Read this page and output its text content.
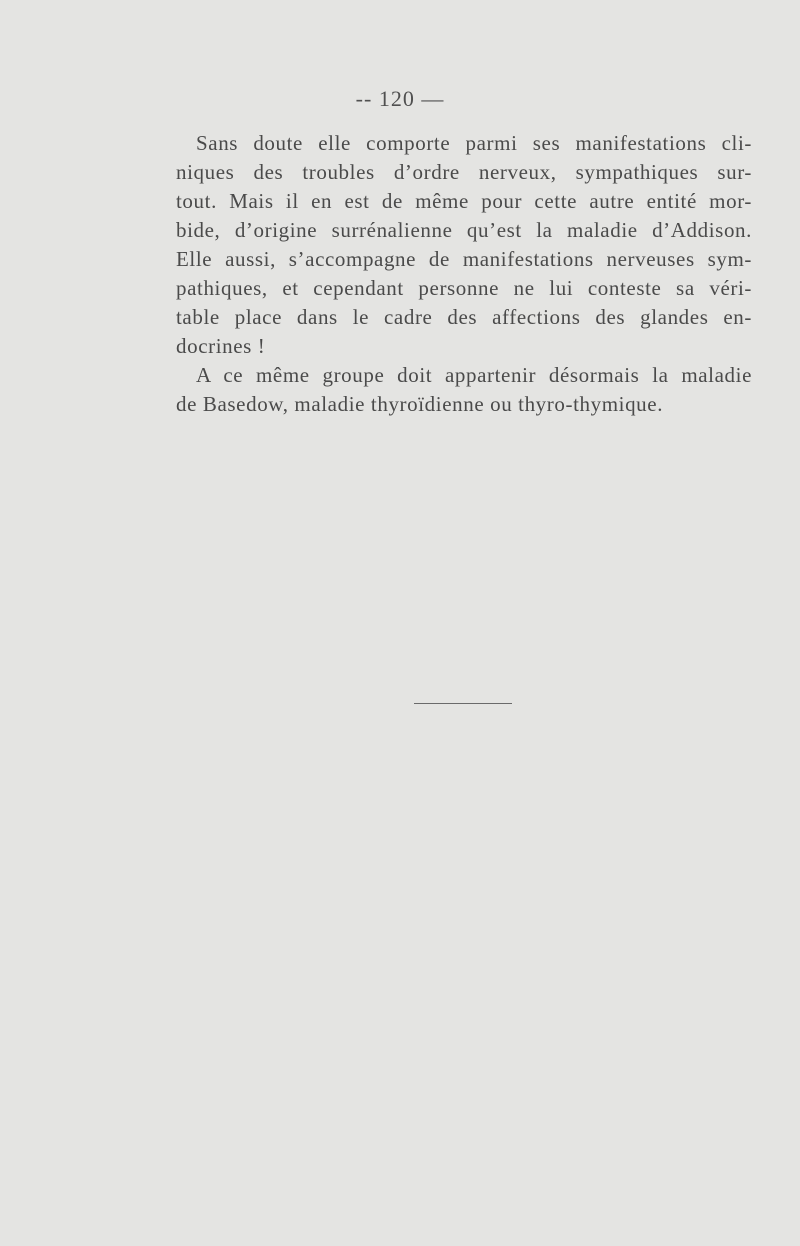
-- 120 —
Sans doute elle comporte parmi ses manifestations cli-
niques des troubles d’ordre nerveux, sympathiques sur-
tout. Mais il en est de même pour cette autre entité mor-
bide, d’origine surrénalienne qu’est la maladie d’Addison.
Elle aussi, s’accompagne de manifestations nerveuses sym-
pathiques, et cependant personne ne lui conteste sa véri-
table place dans le cadre des affections des glandes en-
docrines !
A ce même groupe doit appartenir désormais la maladie
de Basedow, maladie thyroïdienne ou thyro-thymique.
